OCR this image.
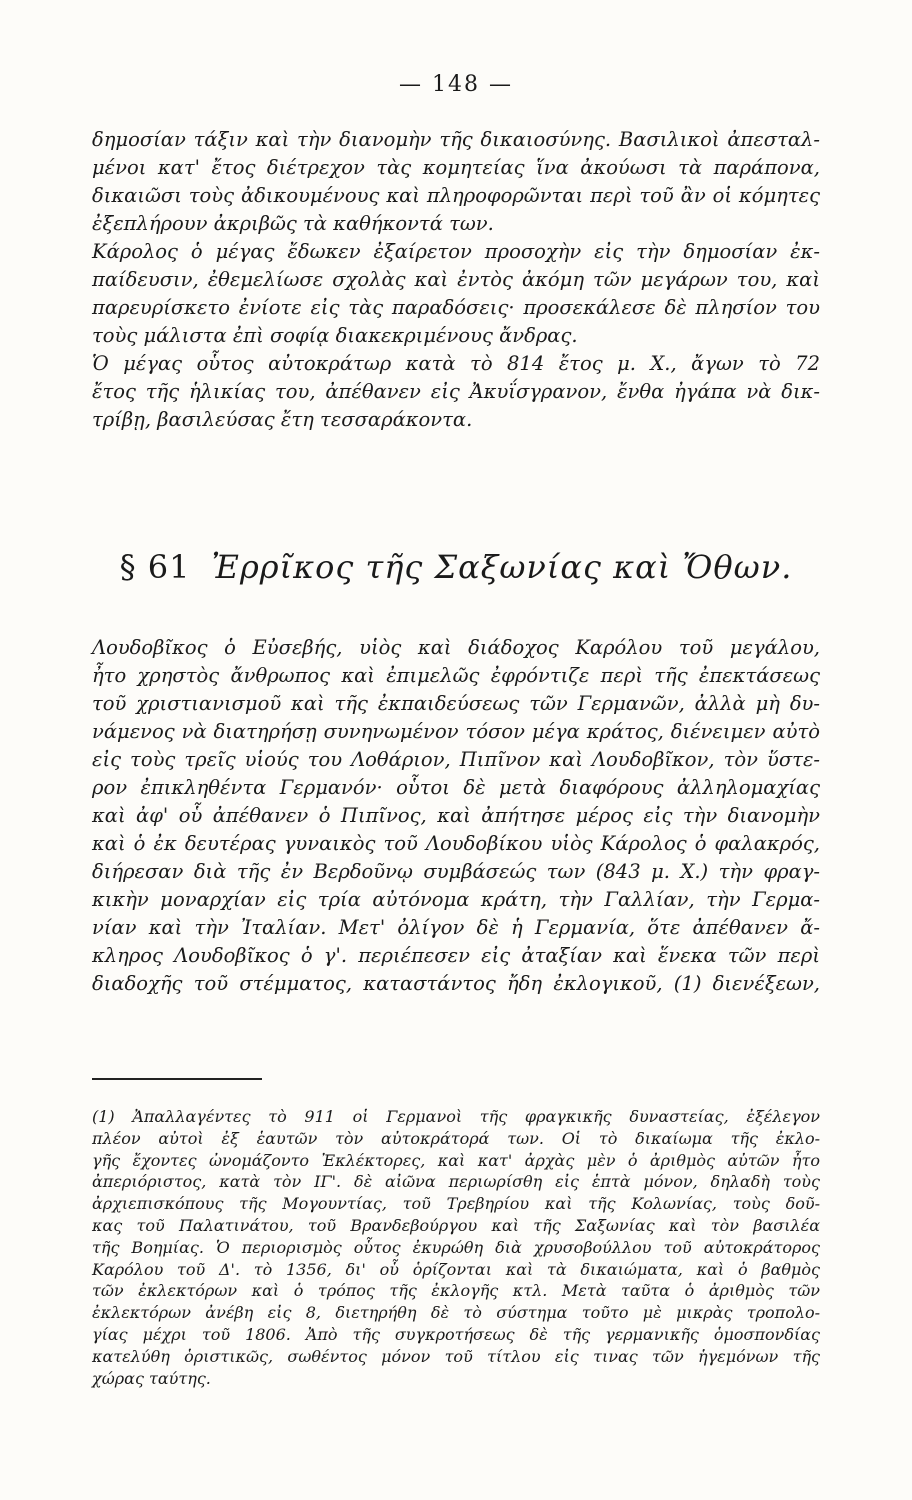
— 148 —
δημοσίαν τάξιν καὶ τὴν διανομὴν τῆς δικαιοσύνης. Βασιλικοὶ ἀπεσταλ-
μένοι κατ' ἔτος διέτρεχον τὰς κομητείας ἵνα ἀκούωσι τὰ παράπονα,
δικαιῶσι τοὺς ἀδικουμένους καὶ πληροφορῶνται περὶ τοῦ ἂν οἱ κόμητες
ἐξεπλήρουν ἀκριβῶς τὰ καθήκοντά των.
Κάρολος ὁ μέγας ἔδωκεν ἐξαίρετον προσοχὴν εἰς τὴν δημοσίαν ἐκ-
παίδευσιν, ἐθεμελίωσε σχολὰς καὶ ἐντὸς ἀκόμη τῶν μεγάρων του, καὶ
παρευρίσκετο ἐνίοτε εἰς τὰς παραδόσεις· προσεκάλεσε δὲ πλησίον του
τοὺς μάλιστα ἐπὶ σοφίᾳ διακεκριμένους ἄνδρας.
Ὁ μέγας οὗτος αὐτοκράτωρ κατὰ τὸ 814 ἔτος μ. Χ., ἄγων τὸ 72
ἔτος τῆς ἡλικίας του, ἀπέθανεν εἰς Ἀκυΐσγρανον, ἔνθα ἠγάπα νὰ δικ-
τρίβῃ, βασιλεύσας ἔτη τεσσαράκοντα.
§ 61 Ἐρρῖκος τῆς Σαξωνίας καὶ Ὄθων.
Λουδοβῖκος ὁ Εὐσεβής, υἱὸς καὶ διάδοχος Καρόλου τοῦ μεγάλου,
ἦτο χρηστὸς ἄνθρωπος καὶ ἐπιμελῶς ἐφρόντιζε περὶ τῆς ἐπεκτάσεως
τοῦ χριστιανισμοῦ καὶ τῆς ἐκπαιδεύσεως τῶν Γερμανῶν, ἀλλὰ μὴ δυ-
νάμενος νὰ διατηρήσῃ συνηνωμένον τόσον μέγα κράτος, διένειμεν αὐτὸ
εἰς τοὺς τρεῖς υἱούς του Λοθάριον, Πιπῖνον καὶ Λουδοβῖκον, τὸν ὕστε-
ρον ἐπικληθέντα Γερμανόν· οὗτοι δὲ μετὰ διαφόρους ἀλληλομαχίας
καὶ ἀφ' οὗ ἀπέθανεν ὁ Πιπῖνος, καὶ ἀπήτησε μέρος εἰς τὴν διανομὴν
καὶ ὁ ἐκ δευτέρας γυναικὸς τοῦ Λουδοβίκου υἱὸς Κάρολος ὁ φαλακρός,
διήρεσαν διὰ τῆς ἐν Βερδοῦνῳ συμβάσεώς των (843 μ. Χ.) τὴν φραγ-
κικὴν μοναρχίαν εἰς τρία αὐτόνομα κράτη, τὴν Γαλλίαν, τὴν Γερμα-
νίαν καὶ τὴν Ἰταλίαν. Μετ' ὀλίγον δὲ ἡ Γερμανία, ὅτε ἀπέθανεν ἄ-
κληρος Λουδοβῖκος ὁ γ'. περιέπεσεν εἰς ἀταξίαν καὶ ἕνεκα τῶν περὶ
διαδοχῆς τοῦ στέμματος, καταστάντος ἤδη ἐκλογικοῦ, (1) διενέξεων,
(1) Ἀπαλλαγέντες τὸ 911 οἱ Γερμανοὶ τῆς φραγκικῆς δυναστείας, ἐξέλεγον
πλέον αὐτοὶ ἐξ ἑαυτῶν τὸν αὐτοκράτορά των. Οἱ τὸ δικαίωμα τῆς ἐκλο-
γῆς ἔχοντες ὠνομάζοντο Ἐκλέκτορες, καὶ κατ' ἀρχὰς μὲν ὁ ἀριθμὸς αὐτῶν ἦτο
ἀπεριόριστος, κατὰ τὸν ΙΓ'. δὲ αἰῶνα περιωρίσθη εἰς ἑπτὰ μόνον, δηλαδὴ τοὺς
ἀρχιεπισκόπους τῆς Μογουντίας, τοῦ Τρεβηρίου καὶ τῆς Κολωνίας, τοὺς δοῦ-
κας τοῦ Παλατινάτου, τοῦ Βρανδεβούργου καὶ τῆς Σαξωνίας καὶ τὸν βασιλέα
τῆς Βοημίας. Ὁ περιορισμὸς οὗτος ἐκυρώθη διὰ χρυσοβούλλου τοῦ αὐτοκράτορος
Καρόλου τοῦ Δ'. τὸ 1356, δι' οὗ ὁρίζονται καὶ τὰ δικαιώματα, καὶ ὁ βαθμὸς
τῶν ἐκλεκτόρων καὶ ὁ τρόπος τῆς ἐκλογῆς κτλ. Μετὰ ταῦτα ὁ ἀριθμὸς τῶν
ἐκλεκτόρων ἀνέβη εἰς 8, διετηρήθη δὲ τὸ σύστημα τοῦτο μὲ μικρὰς τροπολο-
γίας μέχρι τοῦ 1806. Ἀπὸ τῆς συγκροτήσεως δὲ τῆς γερμανικῆς ὁμοσπονδίας
κατελύθη ὁριστικῶς, σωθέντος μόνον τοῦ τίτλου εἰς τινας τῶν ἡγεμόνων τῆς
χώρας ταύτης.
